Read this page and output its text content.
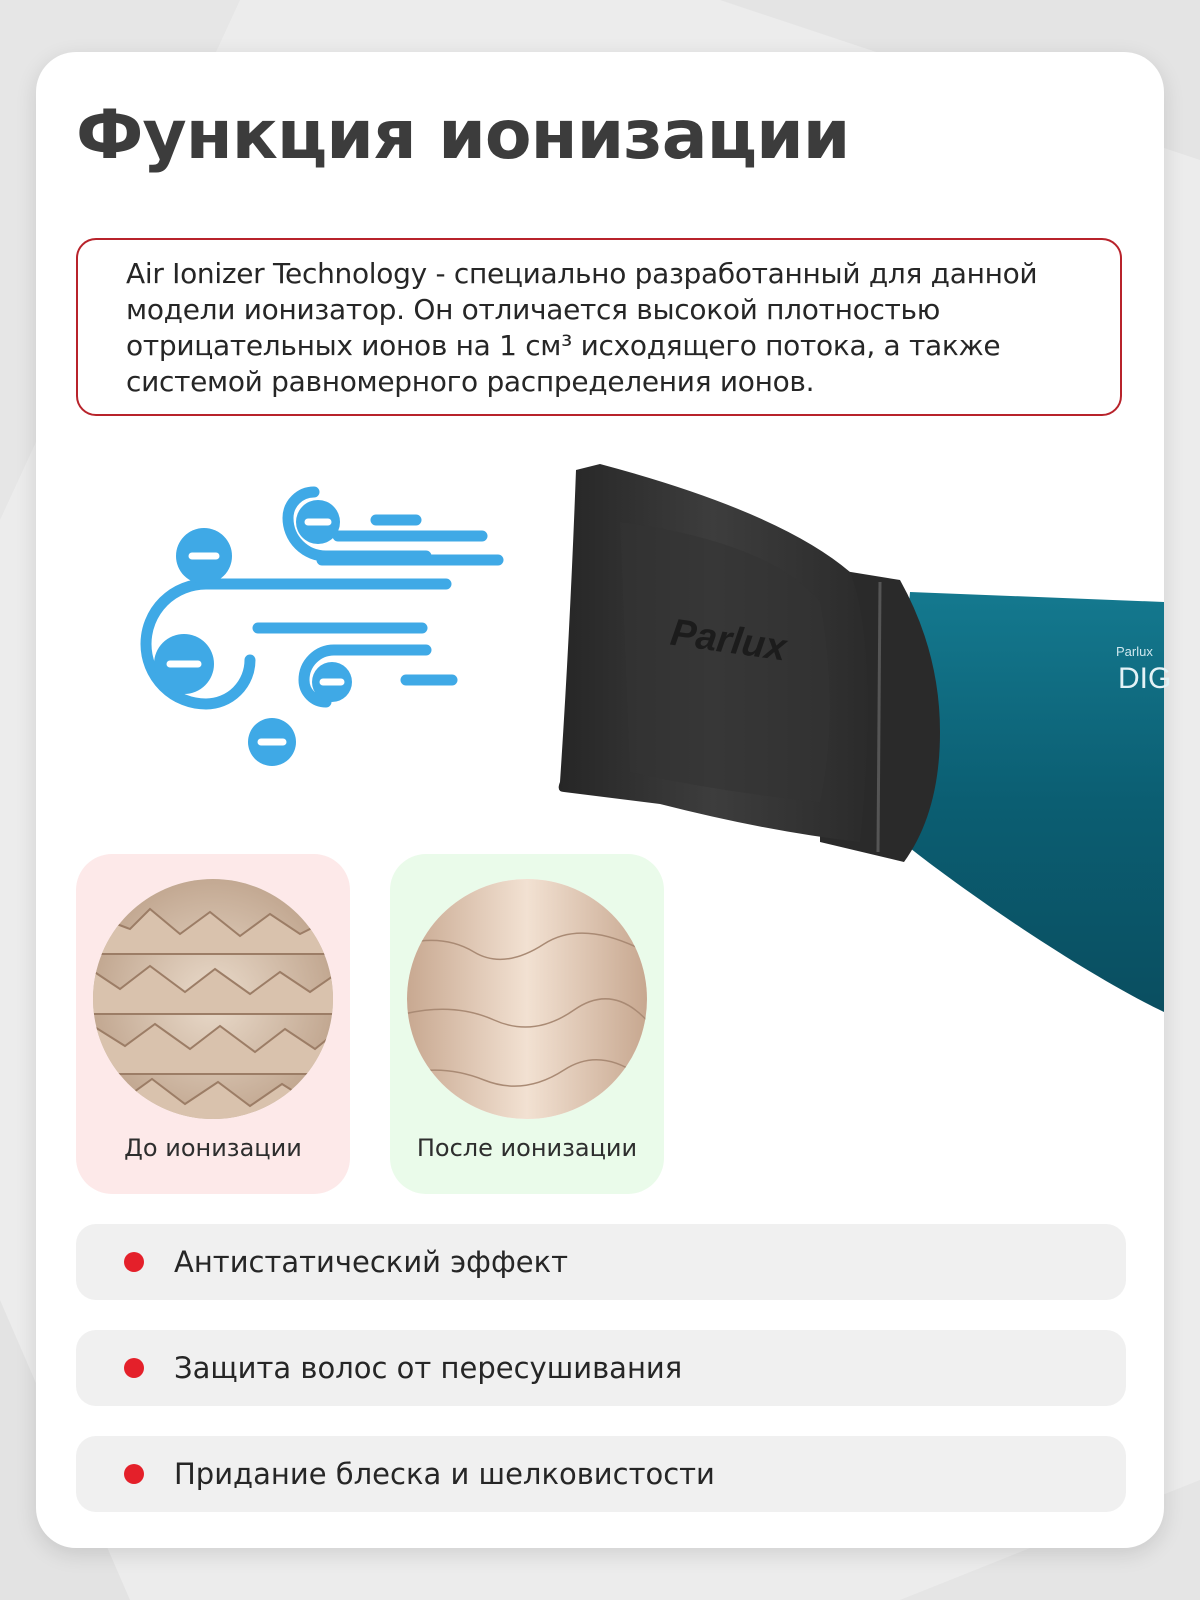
Функция ионизации

Air Ionizer Technology - специально разработанный для данной модели ионизатор. Он отличается высокой плотностью отрицательных ионов на 1 см³ исходящего потока, а также системой равномерного распределения ионов.

Parlux
DIG
Parlux
До ионизации	После ионизации
Антистатический эффект
Защита волос от пересушивания
Придание блеска и шелковистости
